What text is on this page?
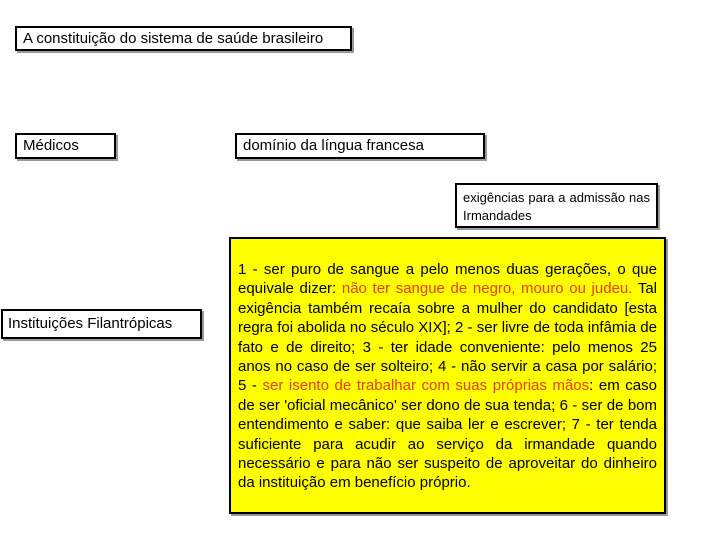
A constituição do sistema de saúde brasileiro
Médicos	domínio da língua francesa
exigências para a admissão nas Irmandades
Instituições Filantrópicas
1 - ser puro de sangue a pelo menos duas gerações, o que equivale dizer: não ter sangue de negro, mouro ou judeu. Tal exigência também recaía sobre a mulher do candidato [esta regra foi abolida no século XIX]; 2 - ser livre de toda infâmia de fato e de direito; 3 - ter idade conveniente: pelo menos 25 anos no caso de ser solteiro; 4 - não servir a casa por salário; 5 - ser isento de trabalhar com suas próprias mãos: em caso de ser 'oficial mecânico' ser dono de sua tenda; 6 - ser de bom entendimento e saber: que saiba ler e escrever; 7 - ter tenda suficiente para acudir ao serviço da irmandade quando necessário e para não ser suspeito de aproveitar do dinheiro da instituição em benefício próprio.
